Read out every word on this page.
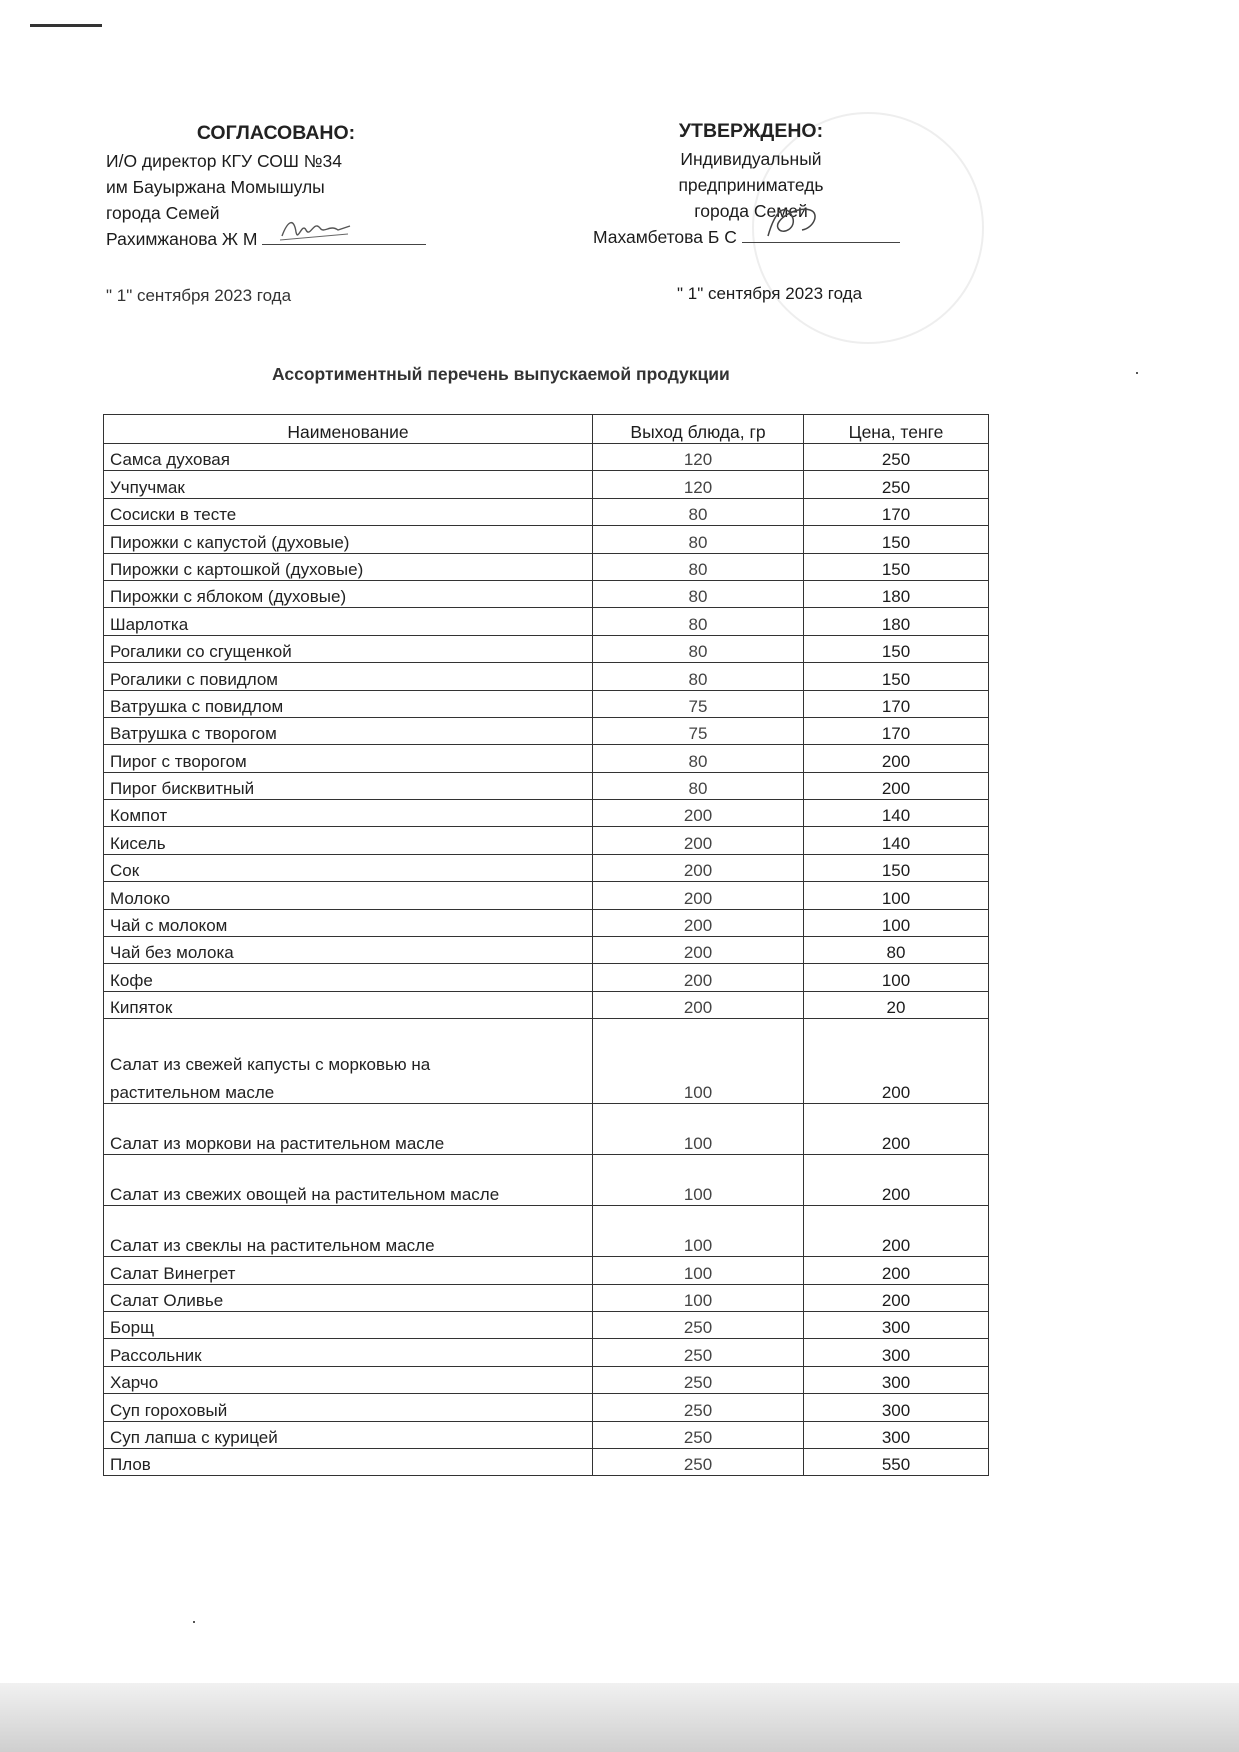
СОГЛАСОВАНО:
И/О директор КГУ СОШ №34
им Бауыржана Момышулы
города Семей
Рахимжанова Ж М
" 1" сентября 2023 года
УТВЕРЖДЕНО:
Индивидуальный
предприниматедь
города Семей
Махамбетова Б С
" 1" сентября 2023 года
Ассортиментный перечень выпускаемой продукции
Наименование	Выход блюда, гр	Цена, тенге

Самса духовая	120	250

Учпучмак	120	250

Сосиски в тесте	80	170

Пирожки с капустой (духовые)	80	150

Пирожки с картошкой (духовые)	80	150

Пирожки с яблоком (духовые)	80	180

Шарлотка	80	180

Рогалики со сгущенкой	80	150

Рогалики с повидлом	80	150

Ватрушка с повидлом	75	170

Ватрушка с творогом	75	170

Пирог с творогом	80	200

Пирог бисквитный	80	200

Компот	200	140

Кисель	200	140

Сок	200	150

Молоко	200	100

Чай с молоком	200	100

Чай без молока	200	80

Кофе	200	100

Кипяток	200	20

Салат из свежей капусты с морковью на
растительном масле	100	200

Салат из моркови на растительном масле	100	200

Салат из свежих овощей на растительном масле	100	200

Салат из свеклы на растительном масле	100	200

Салат Винегрет	100	200

Салат Оливье	100	200

Борщ	250	300

Рассольник	250	300

Харчо	250	300

Суп гороховый	250	300

Суп лапша с курицей	250	300

Плов	250	550
